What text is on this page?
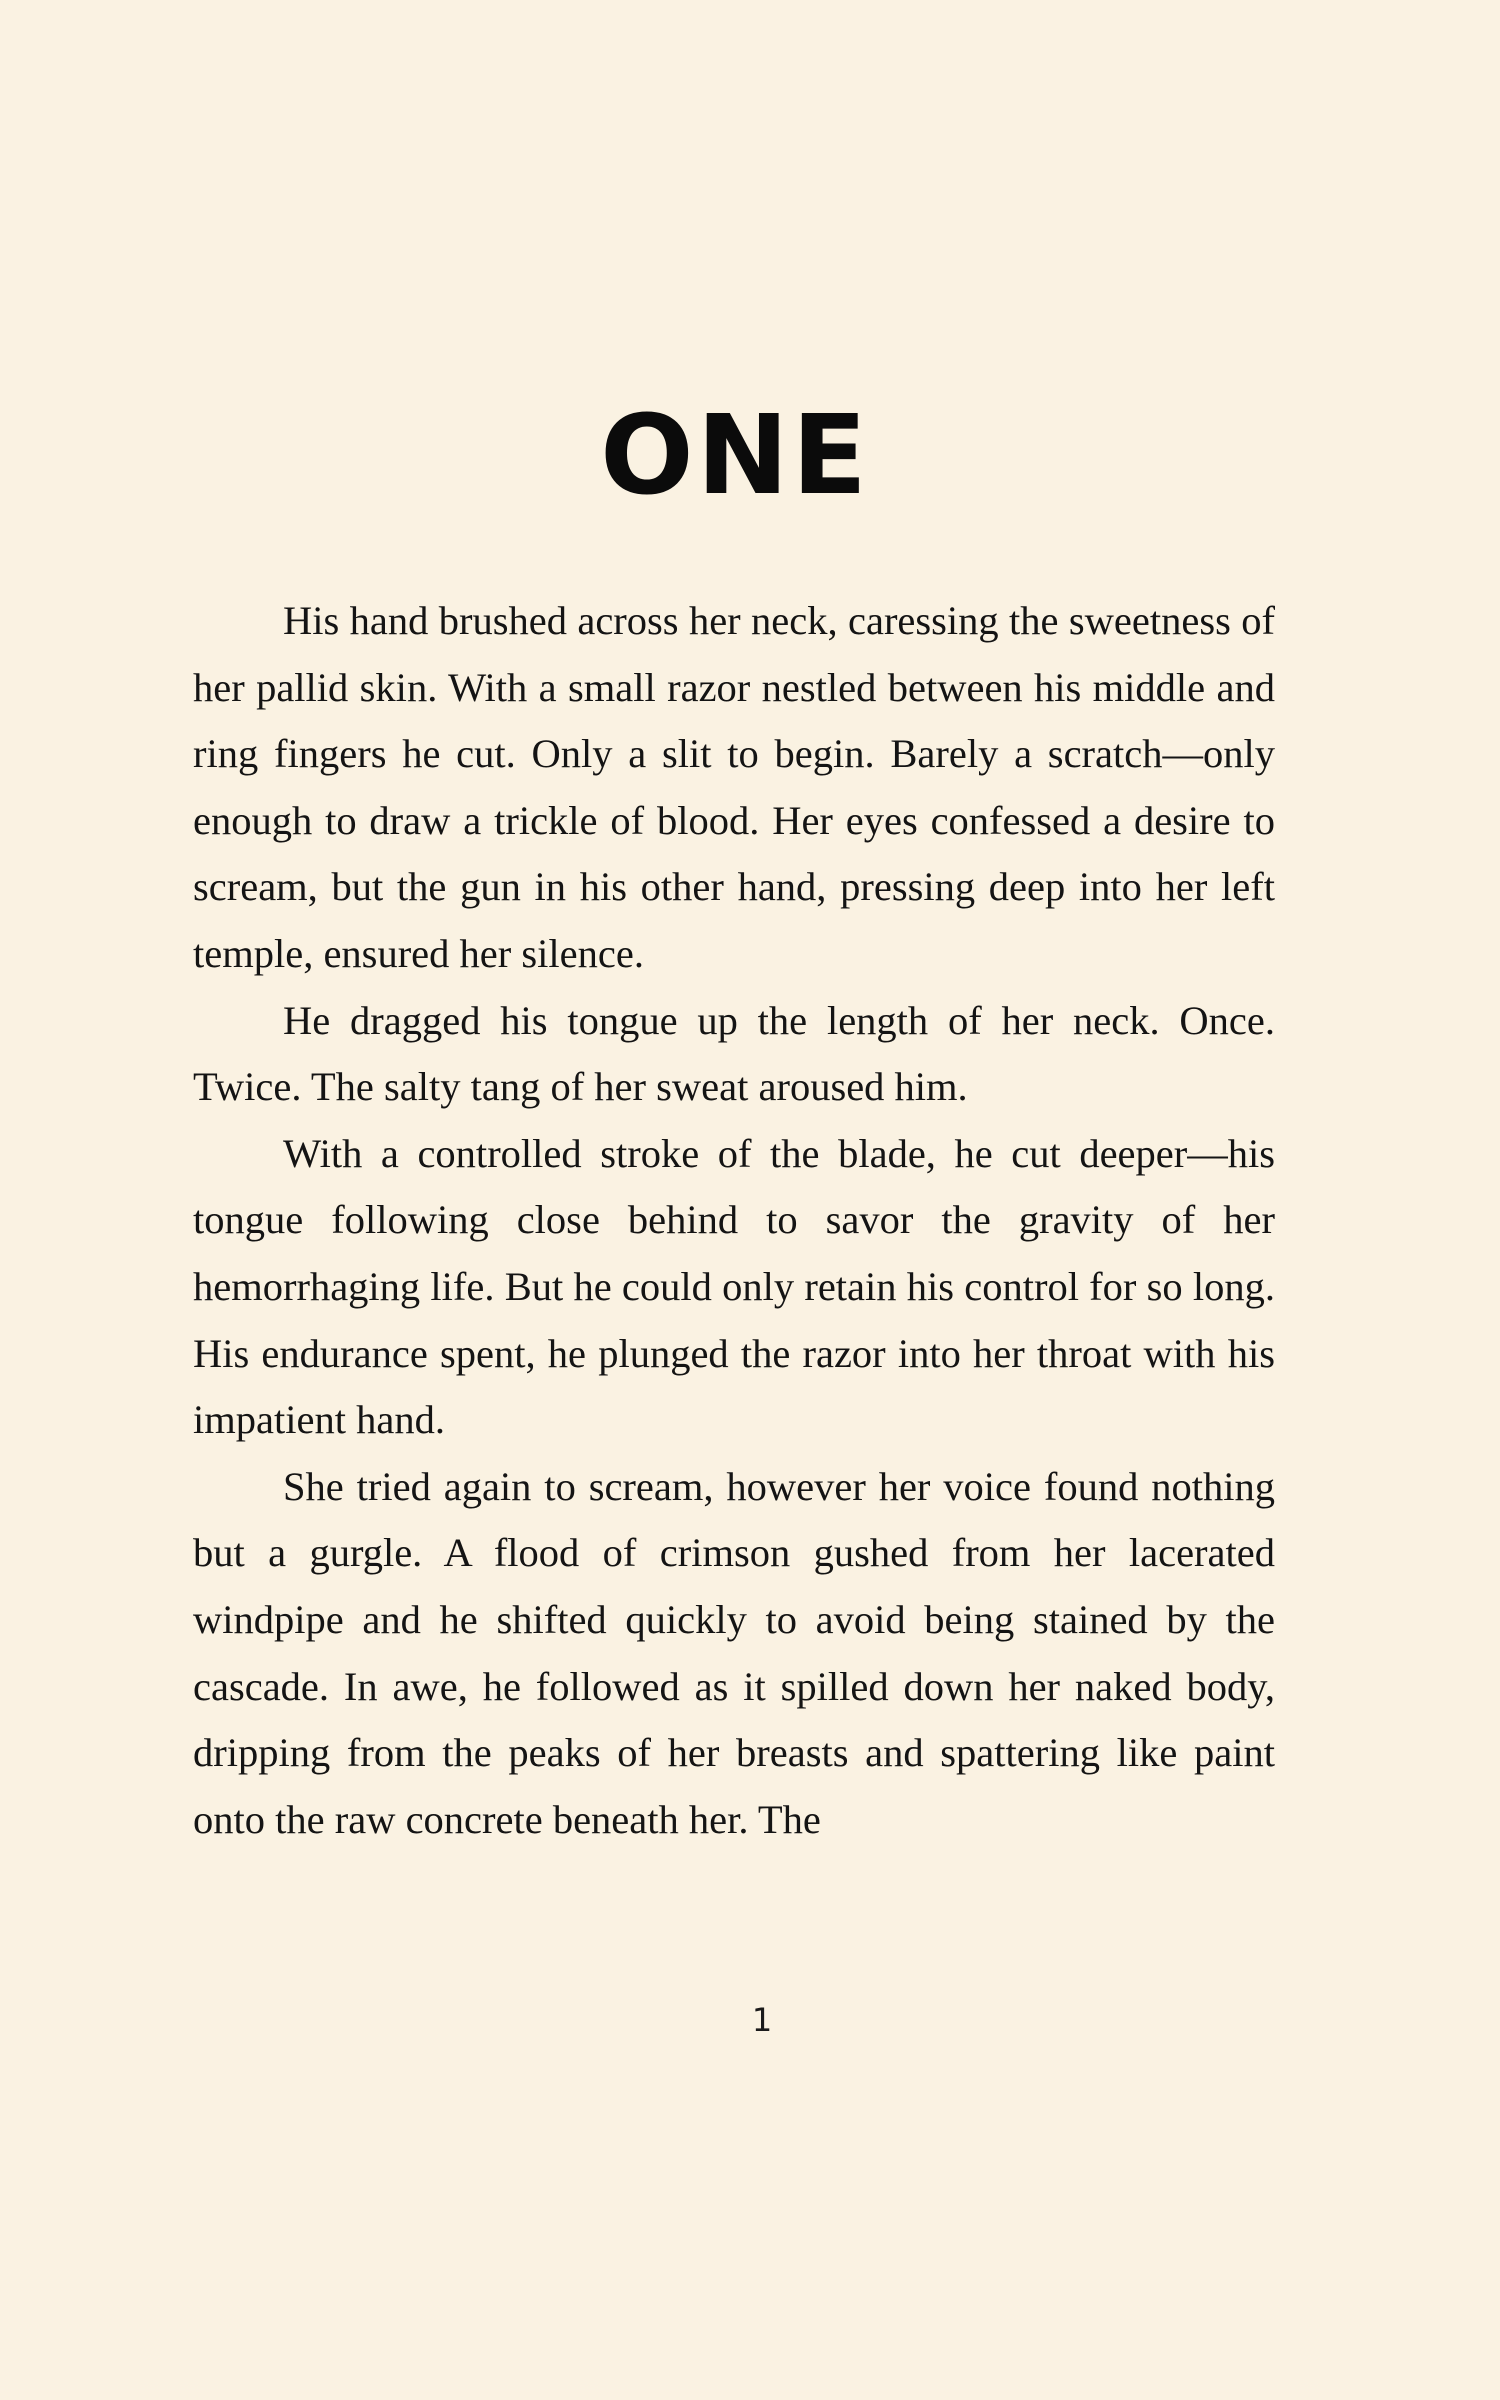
ONE

His hand brushed across her neck, caressing the sweetness of her pallid skin. With a small razor nestled between his middle and ring fingers he cut. Only a slit to begin. Barely a scratch—only enough to draw a trickle of blood. Her eyes confessed a desire to scream, but the gun in his other hand, pressing deep into her left temple, ensured her silence.

He dragged his tongue up the length of her neck. Once. Twice. The salty tang of her sweat aroused him.

With a controlled stroke of the blade, he cut deeper—his tongue following close behind to savor the gravity of her hemorrhaging life. But he could only retain his control for so long. His endurance spent, he plunged the razor into her throat with his impatient hand.

She tried again to scream, however her voice found nothing but a gurgle. A flood of crimson gushed from her lacerated windpipe and he shifted quickly to avoid being stained by the cascade. In awe, he followed as it spilled down her naked body, dripping from the peaks of her breasts and spattering like paint onto the raw concrete beneath her. The

1
